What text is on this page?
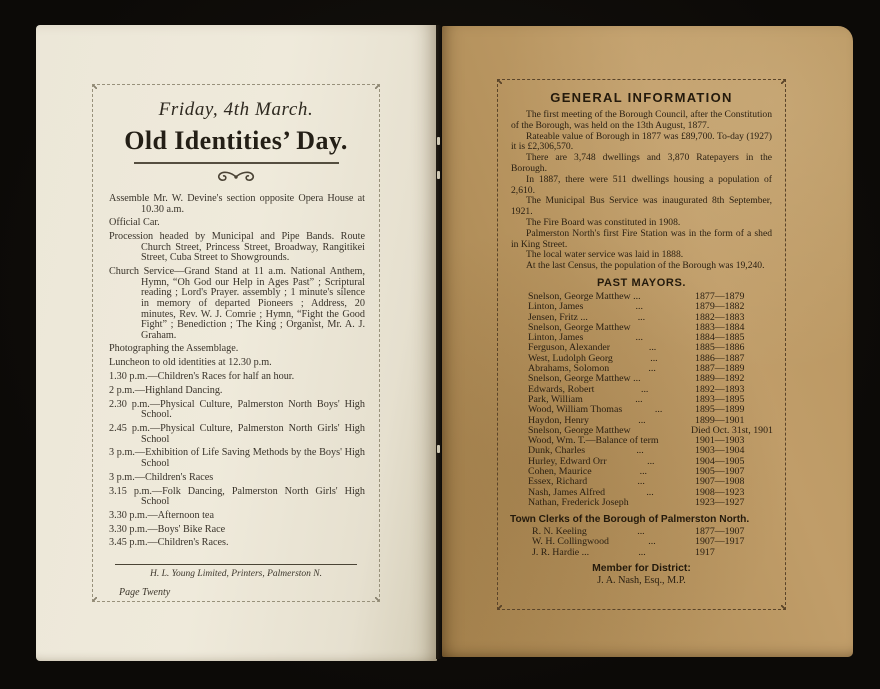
Friday, 4th March.
Old Identities’ Day.

Assemble Mr. W. Devine's section opposite Opera House at 10.30 a.m.

Official Car.

Procession headed by Municipal and Pipe Bands. Route Church Street, Princess Street, Broadway, Rangitikei Street, Cuba Street to Showgrounds.

Church Service—Grand Stand at 11 a.m. National Anthem, Hymn, “Oh God our Help in Ages Past” ; Scriptural reading ; Lord's Prayer. assembly ; 1 minute's silence in memory of departed Pioneers ; Address, 20 minutes, Rev. W. J. Comrie ; Hymn, “Fight the Good Fight” ; Benediction ; The King ; Organist, Mr. A. J. Graham.

Photographing the Assemblage.

Luncheon to old identities at 12.30 p.m.

1.30 p.m.—Children's Races for half an hour.

2 p.m.—Highland Dancing.

2.30 p.m.—Physical Culture, Palmerston North Boys' High School.

2.45 p.m.—Physical Culture, Palmerston North Girls' High School

3 p.m.—Exhibition of Life Saving Methods by the Boys' High School

3 p.m.—Children's Races

3.15 p.m.—Folk Dancing, Palmerston North Girls' High School

3.30 p.m.—Afternoon tea

3.30 p.m.—Boys' Bike Race

3.45 p.m.—Children's Races.

H. L. Young Limited, Printers, Palmerston N.
Page Twenty
GENERAL INFORMATION

The first meeting of the Borough Council, after the Constitution of the Borough, was held on the 13th August, 1877.

Rateable value of Borough in 1877 was £89,700. To-day (1927) it is £2,306,570.

There are 3,748 dwellings and 3,870 Ratepayers in the Borough.

In 1887, there were 511 dwellings housing a population of 2,610.

The Municipal Bus Service was inaugurated 8th September, 1921.

The Fire Board was constituted in 1908.

Palmerston North's first Fire Station was in the form of a shed in King Street.

The local water service was laid in 1888.

At the last Census, the population of the Borough was 19,240.

PAST MAYORS.
Snelson, George Matthew ...	1877—1879
Linton, James	...	1879—1882
Jensen, Fritz ...	...	1882—1883
Snelson, George Matthew	1883—1884
Linton, James	...	1884—1885
Ferguson, Alexander	...	1885—1886
West, Ludolph Georg	...	1886—1887
Abrahams, Solomon	...	1887—1889
Snelson, George Matthew ...	1889—1892
Edwards, Robert	...	1892—1893
Park, William	...	1893—1895
Wood, William Thomas	...	1895—1899
Haydon, Henry	...	1899—1901
Snelson, George Matthew	Died Oct. 31st, 1901
Wood, Wm. T.—Balance of term	1901—1903
Dunk, Charles	...	1903—1904
Hurley, Edward Orr	...	1904—1905
Cohen, Maurice	...	1905—1907
Essex, Richard	...	1907—1908
Nash, James Alfred	...	1908—1923
Nathan, Frederick Joseph	1923—1927
Town Clerks of the Borough of Palmerston North.
R. N. Keeling	...	1877—1907
W. H. Collingwood	...	1907—1917
J. R. Hardie ...	...	1917
Member for District:
J. A. Nash, Esq., M.P.
